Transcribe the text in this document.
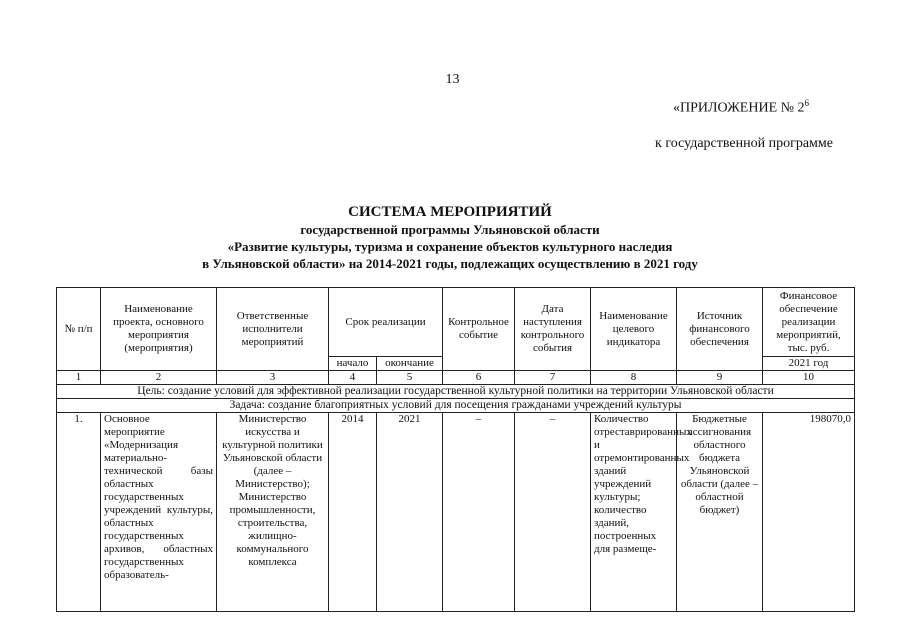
13
«ПРИЛОЖЕНИЕ № $2^6$
к государственной программе
СИСТЕМА МЕРОПРИЯТИЙ
государственной программы Ульяновской области
«Развитие культуры, туризма и сохранение объектов культурного наследия
в Ульяновской области» на 2014-2021 годы, подлежащих осуществлению в 2021 году
№ п/п	Наименование проекта, основного мероприятия (мероприятия)	Ответственные исполнители мероприятий	Срок реализации		Контрольное событие	Дата наступления контрольного события	Наименование целевого индикатора	Источник финансового обеспечения	Финансовое обеспечение реализации мероприятий, тыс. руб.
			начало	окончание					2021 год
1	2	3	4	5	6	7	8	9	10
Цель: создание условий для эффективной реализации государственной культурной политики на территории Ульяновской области									
Задача: создание благоприятных условий для посещения гражданами учреждений культуры									
1.	Основное мероприятие «Модернизация материально-технической базы областных государственных учреждений культуры, областных государственных архивов, областных государственных образователь-	Министерство искусства и культурной политики Ульяновской области (далее – Министерство); Министерство промышленности, строительства, жилищно-коммунального комплекса	2014	2021	–	–	Количество отреставрированных и отремонтированных зданий учреждений культуры; количество зданий, построенных для размеще-	Бюджетные ассигнования областного бюджета Ульяновской области (далее – областной бюджет)	198070,0
